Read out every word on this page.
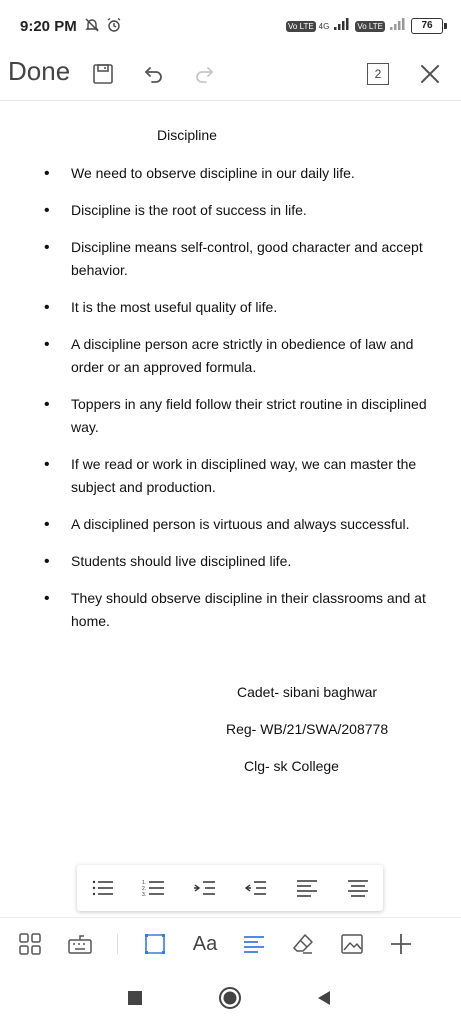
9:20 PM	Vo LTE 4G	Vo LTE	76
Done	2
Discipline
• We need to observe discipline in our daily life.
• Discipline is the root of success in life.
• Discipline means self-control, good character and accept behavior.
• It is the most useful quality of life.
• A discipline person acre strictly in obedience of law and order or an approved formula.
• Toppers in any field follow their strict routine in disciplined way.
• If we read or work in disciplined way, we can master the subject and production.
• A disciplined person is virtuous and always successful.
• Students should live disciplined life.
• They should observe discipline in their classrooms and at home.
Cadet- sibani baghwar
Reg- WB/21/SWA/208778
Clg- sk College
1.
2.
3.
Aa
